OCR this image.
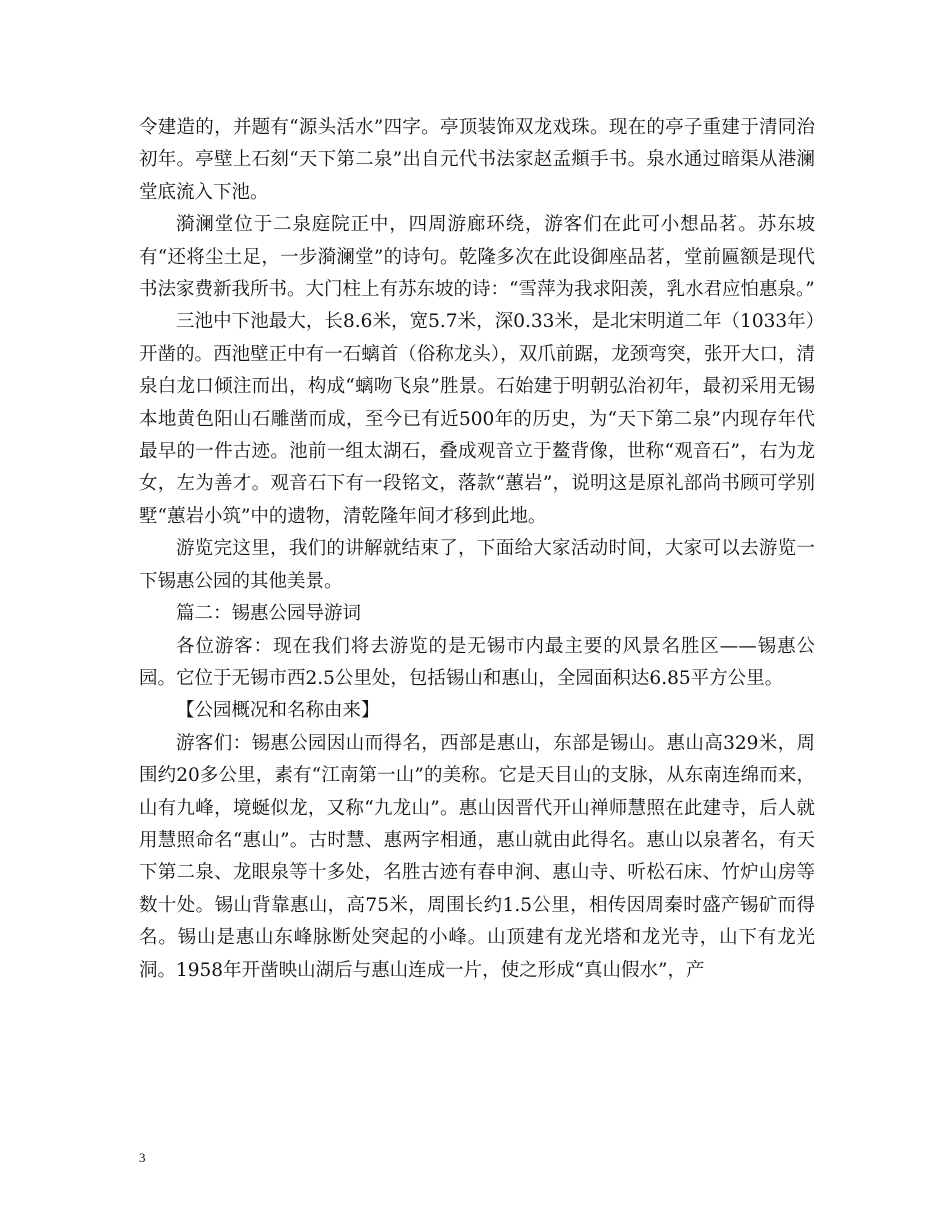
令建造的，并题有“源头活水”四字。亭顶装饰双龙戏珠。现在的亭子重建于清同治初年。亭壁上石刻“天下第二泉”出自元代书法家赵孟頫手书。泉水通过暗渠从港澜堂底流入下池。

漪澜堂位于二泉庭院正中，四周游廊环绕，游客们在此可小想品茗。苏东坡有“还将尘土足，一步漪澜堂”的诗句。乾隆多次在此设御座品茗，堂前匾额是现代书法家费新我所书。大门柱上有苏东坡的诗：“雪萍为我求阳羡，乳水君应怕惠泉。”

三池中下池最大，长8.6米，宽5.7米，深0.33米，是北宋明道二年（1033年）开凿的。西池壁正中有一石螭首（俗称龙头），双爪前踞，龙颈弯突，张开大口，清泉白龙口倾注而出，构成“螭吻飞泉”胜景。石始建于明朝弘治初年，最初采用无锡本地黄色阳山石雕凿而成，至今已有近500年的历史，为“天下第二泉”内现存年代最早的一件古迹。池前一组太湖石，叠成观音立于鳌背像，世称“观音石”，右为龙女，左为善才。观音石下有一段铭文，落款“蕙岩”，说明这是原礼部尚书顾可学别墅“蕙岩小筑”中的遗物，清乾隆年间才移到此地。

游览完这里，我们的讲解就结束了，下面给大家活动时间，大家可以去游览一下锡惠公园的其他美景。

篇二：锡惠公园导游词

各位游客：现在我们将去游览的是无锡市内最主要的风景名胜区——锡惠公园。它位于无锡市西2.5公里处，包括锡山和惠山，全园面积达6.85平方公里。

【公园概况和名称由来】

游客们：锡惠公园因山而得名，西部是惠山，东部是锡山。惠山高329米，周围约20多公里，素有“江南第一山”的美称。它是天目山的支脉，从东南连绵而来，山有九峰，境蜒似龙，又称“九龙山”。惠山因晋代开山禅师慧照在此建寺，后人就用慧照命名“惠山”。古时慧、惠两字相通，惠山就由此得名。惠山以泉著名，有天下第二泉、龙眼泉等十多处，名胜古迹有春申涧、惠山寺、听松石床、竹炉山房等数十处。锡山背靠惠山，高75米，周围长约1.5公里，相传因周秦时盛产锡矿而得名。锡山是惠山东峰脉断处突起的小峰。山顶建有龙光塔和龙光寺，山下有龙光洞。1958年开凿映山湖后与惠山连成一片，使之形成“真山假水”，产

3
